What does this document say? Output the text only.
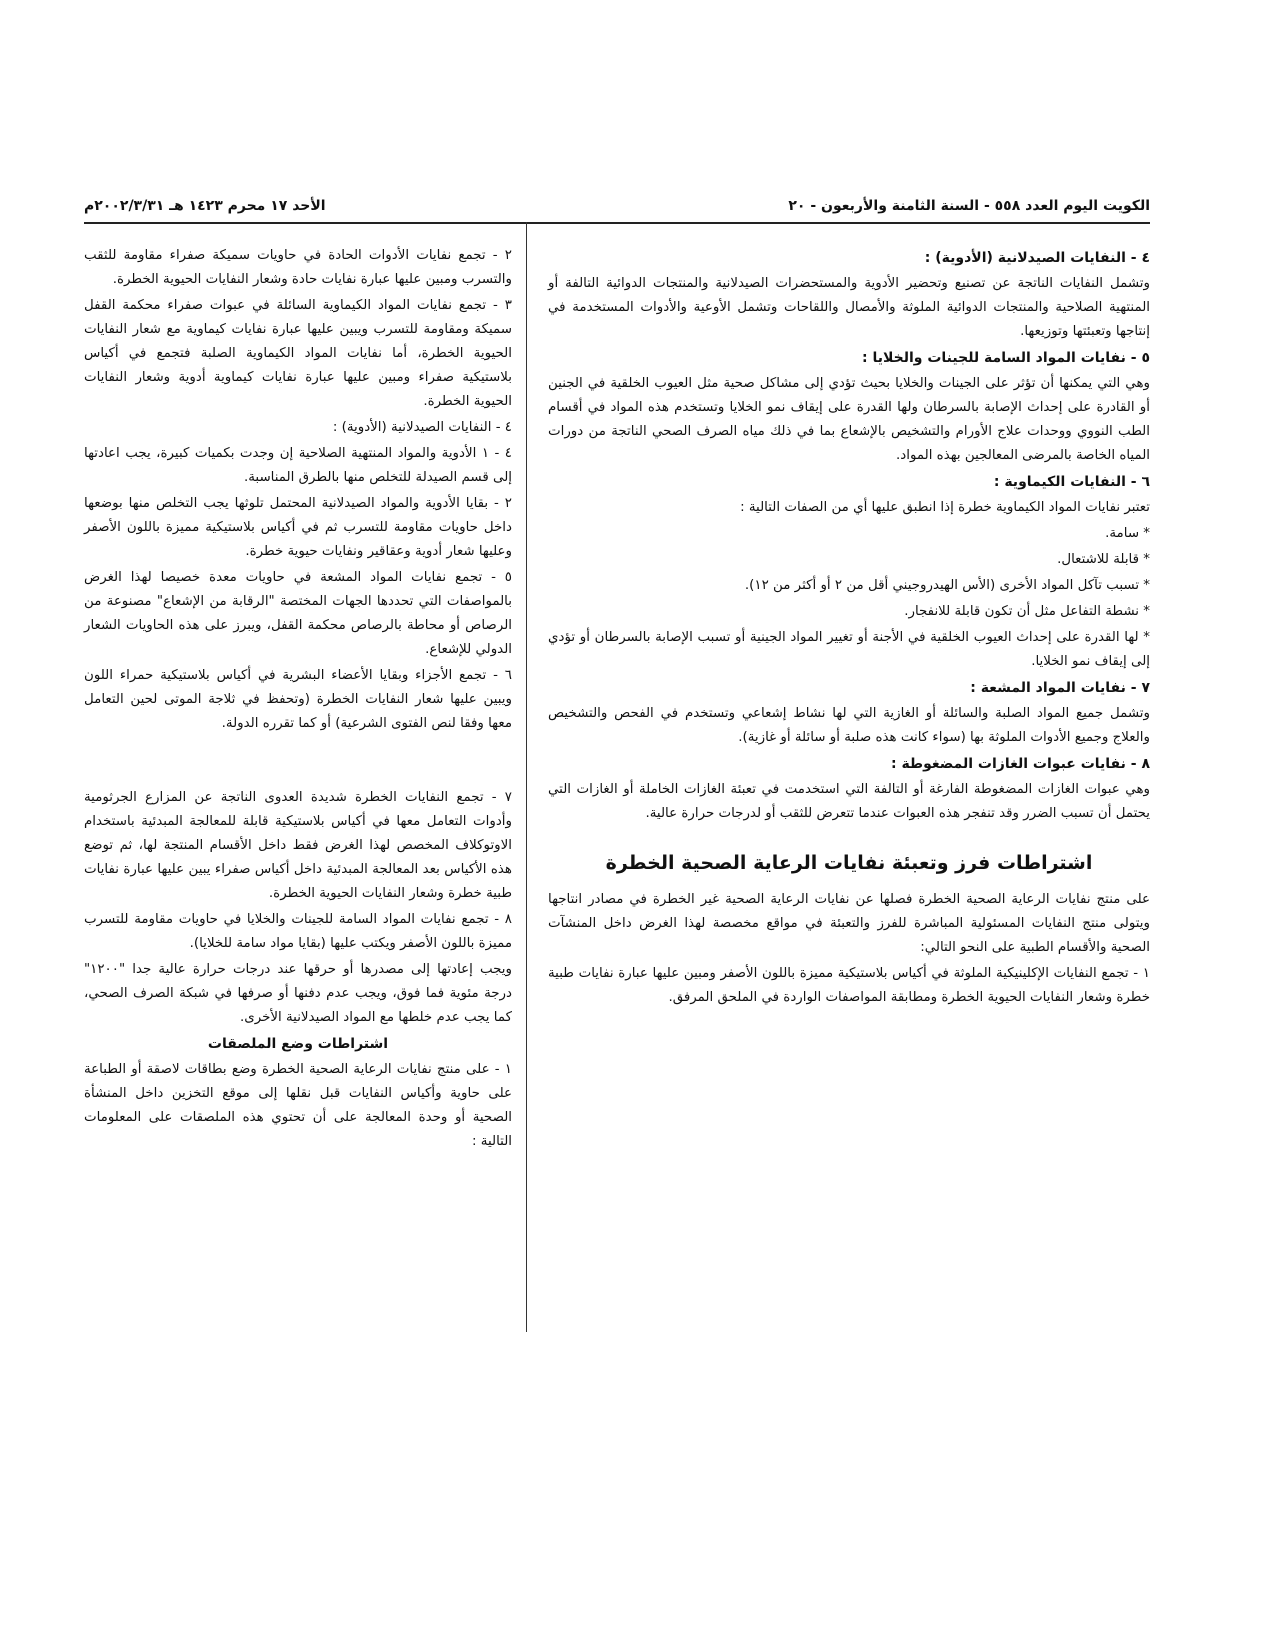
الكويت اليوم العدد ٥٥٨ - السنة الثامنة والأربعون - ٢٠
الأحد ١٧ محرم ١٤٢٣ هـ ٢٠٠٢/٣/٣١م
٤ - النفايات الصيدلانية (الأدوية) :

وتشمل النفايات الناتجة عن تصنيع وتحضير الأدوية والمستحضرات الصيدلانية والمنتجات الدوائية التالفة أو المنتهية الصلاحية والمنتجات الدوائية الملوثة والأمصال واللقاحات وتشمل الأوعية والأدوات المستخدمة في إنتاجها وتعبئتها وتوزيعها.

٥ - نفايات المواد السامة للجينات والخلايا :

وهي التي يمكنها أن تؤثر على الجينات والخلايا بحيث تؤدي إلى مشاكل صحية مثل العيوب الخلقية في الجنين أو القادرة على إحداث الإصابة بالسرطان ولها القدرة على إيقاف نمو الخلايا وتستخدم هذه المواد في أقسام الطب النووي ووحدات علاج الأورام والتشخيص بالإشعاع بما في ذلك مياه الصرف الصحي الناتجة من دورات المياه الخاصة بالمرضى المعالجين بهذه المواد.

٦ - النفايات الكيماوية :

تعتبر نفايات المواد الكيماوية خطرة إذا انطبق عليها أي من الصفات التالية :

* سامة.

* قابلة للاشتعال.

* تسبب تآكل المواد الأخرى (الأس الهيدروجيني أقل من ٢ أو أكثر من ١٢).

* نشطة التفاعل مثل أن تكون قابلة للانفجار.

* لها القدرة على إحداث العيوب الخلقية في الأجنة أو تغيير المواد الجينية أو تسبب الإصابة بالسرطان أو تؤدي إلى إيقاف نمو الخلايا.

٧ - نفايات المواد المشعة :

وتشمل جميع المواد الصلبة والسائلة أو الغازية التي لها نشاط إشعاعي وتستخدم في الفحص والتشخيص والعلاج وجميع الأدوات الملوثة بها (سواء كانت هذه صلبة أو سائلة أو غازية).

٨ - نفايات عبوات الغازات المضغوطة :

وهي عبوات الغازات المضغوطة الفارغة أو التالفة التي استخدمت في تعبئة الغازات الخاملة أو الغازات التي يحتمل أن تسبب الضرر وقد تنفجر هذه العبوات عندما تتعرض للثقب أو لدرجات حرارة عالية.

اشتراطات فرز وتعبئة نفايات الرعاية الصحية الخطرة

على منتج نفايات الرعاية الصحية الخطرة فصلها عن نفايات الرعاية الصحية غير الخطرة في مصادر انتاجها ويتولى منتج النفايات المسئولية المباشرة للفرز والتعبئة في مواقع مخصصة لهذا الغرض داخل المنشآت الصحية والأقسام الطبية على النحو التالي:

١ - تجمع النفايات الإكلينيكية الملوثة في أكياس بلاستيكية مميزة باللون الأصفر ومبين عليها عبارة نفايات طبية خطرة وشعار النفايات الحيوية الخطرة ومطابقة المواصفات الواردة في الملحق المرفق.

٢ - تجمع نفايات الأدوات الحادة في حاويات سميكة صفراء مقاومة للثقب والتسرب ومبين عليها عبارة نفايات حادة وشعار النفايات الحيوية الخطرة.

٣ - تجمع نفايات المواد الكيماوية السائلة في عبوات صفراء محكمة القفل سميكة ومقاومة للتسرب ويبين عليها عبارة نفايات كيماوية مع شعار النفايات الحيوية الخطرة، أما نفايات المواد الكيماوية الصلبة فتجمع في أكياس بلاستيكية صفراء ومبين عليها عبارة نفايات كيماوية أدوية وشعار النفايات الحيوية الخطرة.

٤ - النفايات الصيدلانية (الأدوية) :

٤ - ١ الأدوية والمواد المنتهية الصلاحية إن وجدت بكميات كبيرة، يجب اعادتها إلى قسم الصيدلة للتخلص منها بالطرق المناسبة.

٢ - بقايا الأدوية والمواد الصيدلانية المحتمل تلوثها يجب التخلص منها بوضعها داخل حاويات مقاومة للتسرب ثم في أكياس بلاستيكية مميزة باللون الأصفر وعليها شعار أدوية وعقاقير ونفايات حيوية خطرة.

٥ - تجمع نفايات المواد المشعة في حاويات معدة خصيصا لهذا الغرض بالمواصفات التي تحددها الجهات المختصة "الرقابة من الإشعاع" مصنوعة من الرصاص أو محاطة بالرصاص محكمة القفل، ويبرز على هذه الحاويات الشعار الدولي للإشعاع.

٦ - تجمع الأجزاء وبقايا الأعضاء البشرية في أكياس بلاستيكية حمراء اللون ويبين عليها شعار النفايات الخطرة (وتحفظ في ثلاجة الموتى لحين التعامل معها وفقا لنص الفتوى الشرعية) أو كما تقرره الدولة.

٧ - تجمع النفايات الخطرة شديدة العدوى الناتجة عن المزارع الجرثومية وأدوات التعامل معها في أكياس بلاستيكية قابلة للمعالجة المبدئية باستخدام الاوتوكلاف المخصص لهذا الغرض فقط داخل الأقسام المنتجة لها، ثم توضع هذه الأكياس بعد المعالجة المبدئية داخل أكياس صفراء يبين عليها عبارة نفايات طبية خطرة وشعار النفايات الحيوية الخطرة.

٨ - تجمع نفايات المواد السامة للجينات والخلايا في حاويات مقاومة للتسرب مميزة باللون الأصفر ويكتب عليها (بقايا مواد سامة للخلايا).

ويجب إعادتها إلى مصدرها أو حرقها عند درجات حرارة عالية جدا "١٢٠٠" درجة مئوية فما فوق، ويجب عدم دفنها أو صرفها في شبكة الصرف الصحي، كما يجب عدم خلطها مع المواد الصيدلانية الأخرى.

اشتراطات وضع الملصقات

١ - على منتج نفايات الرعاية الصحية الخطرة وضع بطاقات لاصقة أو الطباعة على حاوية وأكياس النفايات قبل نقلها إلى موقع التخزين داخل المنشأة الصحية أو وحدة المعالجة على أن تحتوي هذه الملصقات على المعلومات التالية :
